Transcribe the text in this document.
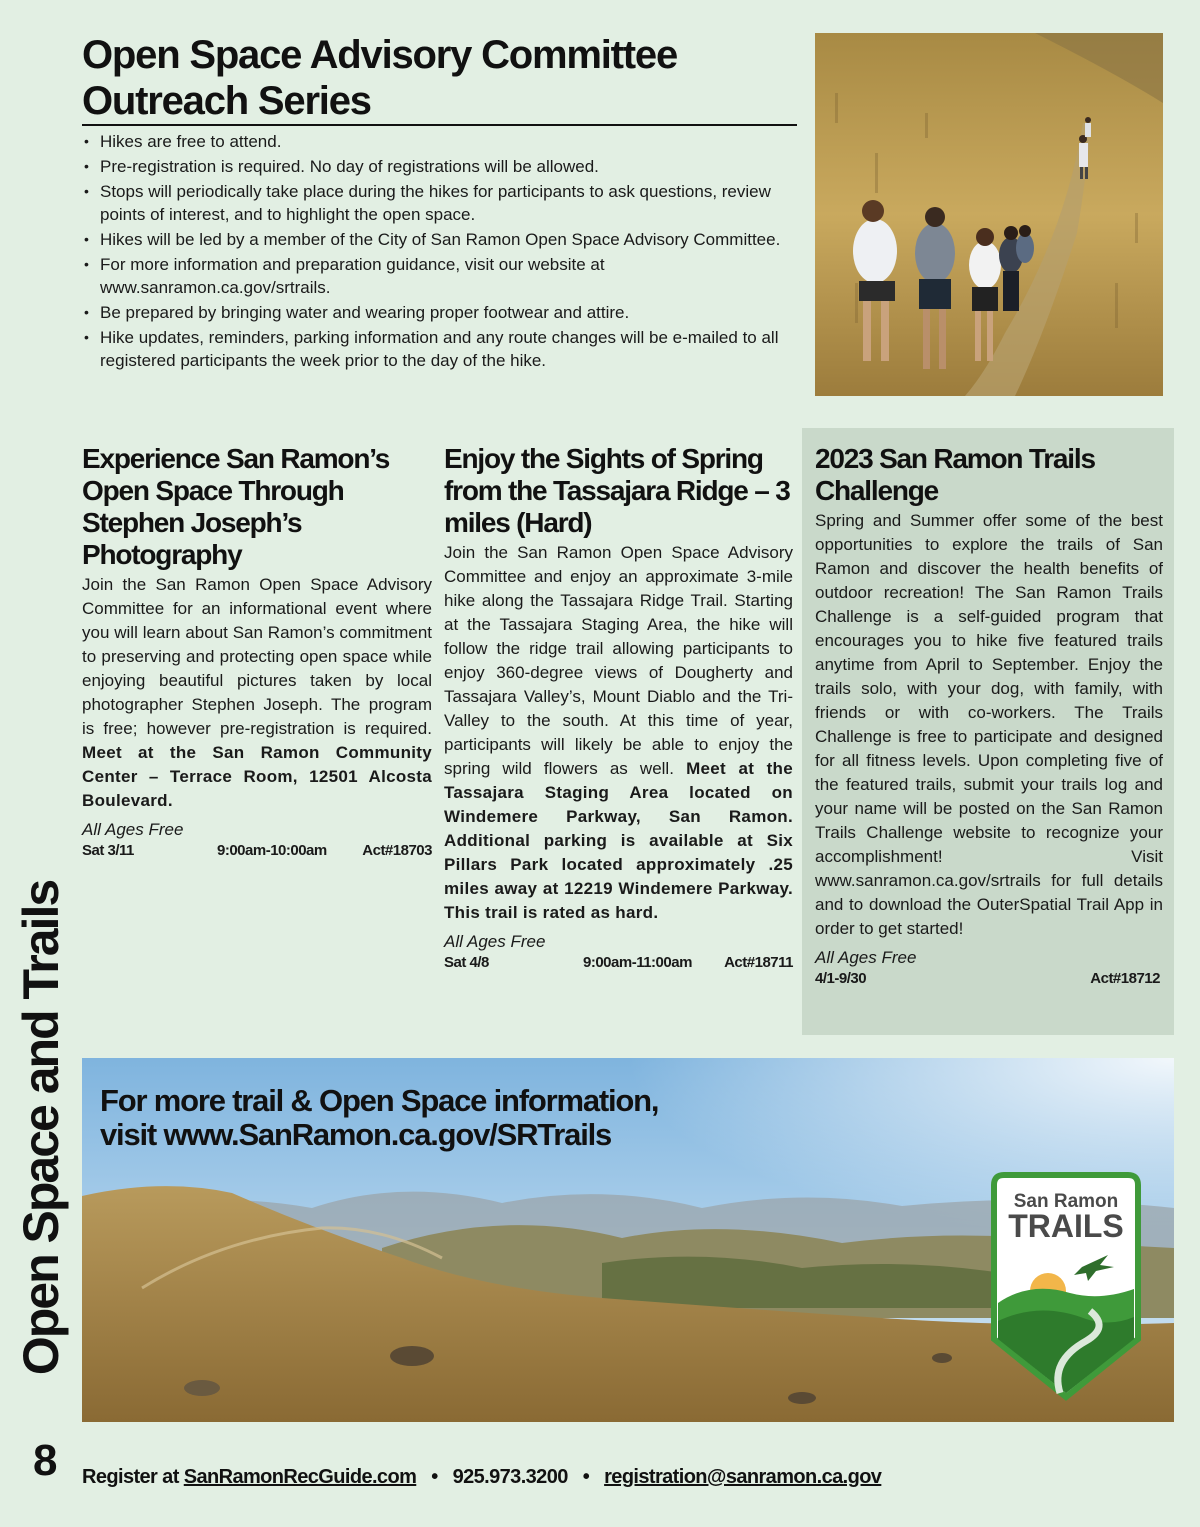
Open Space and Trails
Open Space Advisory Committee
Outreach Series
• Hikes are free to attend.
• Pre-registration is required. No day of registrations will be allowed.
• Stops will periodically take place during the hikes for participants to ask questions, review points of interest, and to highlight the open space.
• Hikes will be led by a member of the City of San Ramon Open Space Advisory Committee.
• For more information and preparation guidance, visit our website at www.sanramon.ca.gov/srtrails.
• Be prepared by bringing water and wearing proper footwear and attire.
• Hike updates, reminders, parking information and any route changes will be e-mailed to all registered participants the week prior to the day of the hike.
Experience San Ramon’s Open Space Through Stephen Joseph’s Photography

Join the San Ramon Open Space Advisory Committee for an informational event where you will learn about San Ramon’s commitment to preserving and protecting open space while enjoying beautiful pictures taken by local photographer Stephen Joseph. The program is free; however pre-registration is required. Meet at the San Ramon Community Center – Terrace Room, 12501 Alcosta Boulevard.

All Ages Free
Sat 3/11	9:00am-10:00am	Act#18703
Enjoy the Sights of Spring from the Tassajara Ridge – 3 miles (Hard)

Join the San Ramon Open Space Advisory Committee and enjoy an approximate 3-mile hike along the Tassajara Ridge Trail. Starting at the Tassajara Staging Area, the hike will follow the ridge trail allowing participants to enjoy 360-degree views of Dougherty and Tassajara Valley’s, Mount Diablo and the Tri-Valley to the south. At this time of year, participants will likely be able to enjoy the spring wild flowers as well. Meet at the Tassajara Staging Area located on Windemere Parkway, San Ramon. Additional parking is available at Six Pillars Park located approximately .25 miles away at 12219 Windemere Parkway. This trail is rated as hard.

All Ages Free
Sat 4/8	9:00am-11:00am	Act#18711
2023 San Ramon Trails Challenge

Spring and Summer offer some of the best opportunities to explore the trails of San Ramon and discover the health benefits of outdoor recreation! The San Ramon Trails Challenge is a self-guided program that encourages you to hike five featured trails anytime from April to September. Enjoy the trails solo, with your dog, with family, with friends or with co-workers. The Trails Challenge is free to participate and designed for all fitness levels. Upon completing five of the featured trails, submit your trails log and your name will be posted on the San Ramon Trails Challenge website to recognize your accomplishment! Visit www.sanramon.ca.gov/srtrails for full details and to download the OuterSpatial Trail App in order to get started!

All Ages Free
4/1-9/30	Act#18712
For more trail & Open Space information,
visit www.SanRamon.ca.gov/SRTrails
San Ramon
TRAILS
8 Register at SanRamonRecGuide.com • 925.973.3200 • registration@sanramon.ca.gov
